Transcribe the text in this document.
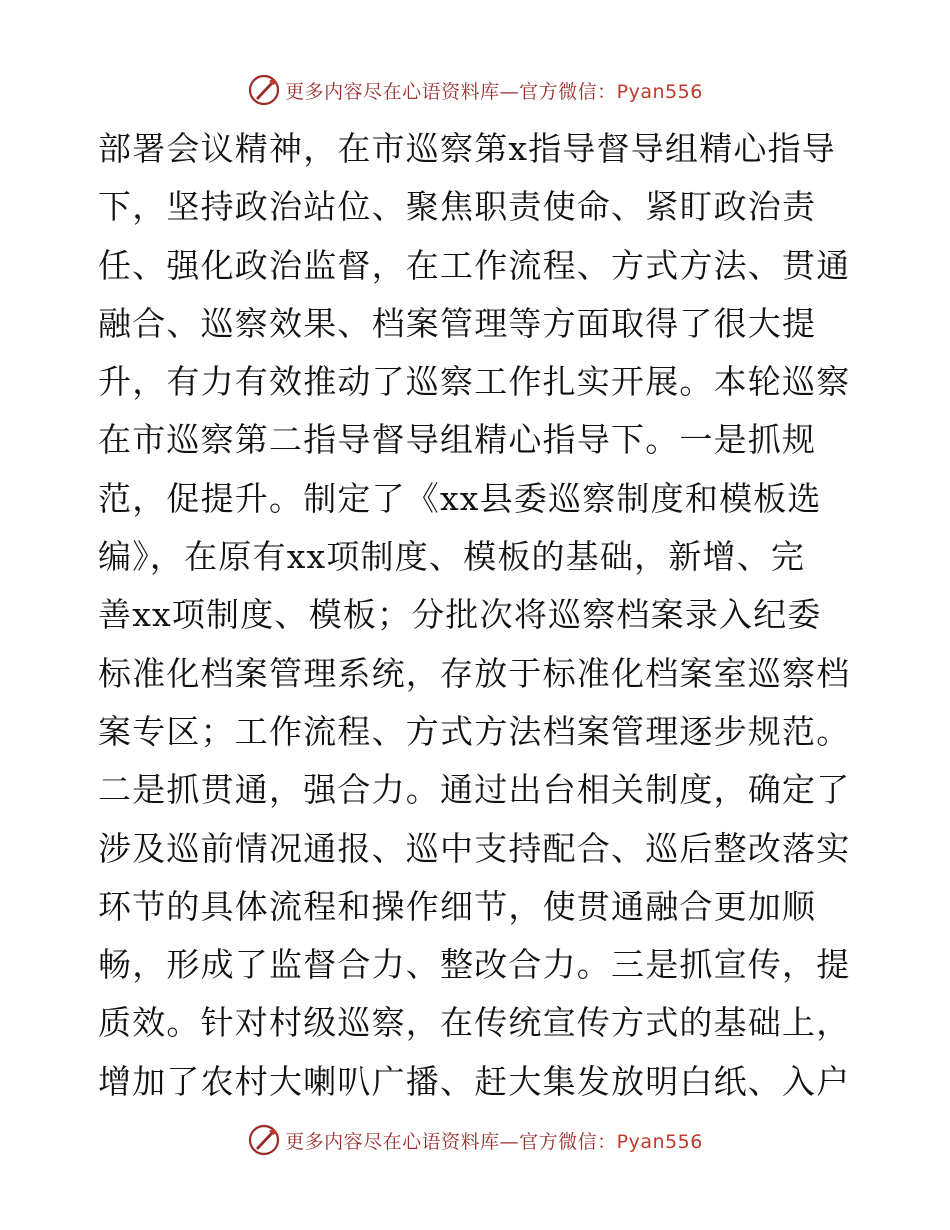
更多内容尽在心语资料库—官方微信：Pyan556
部署会议精神，在市巡察第x指导督导组精心指导
下，坚持政治站位、聚焦职责使命、紧盯政治责
任、强化政治监督，在工作流程、方式方法、贯通
融合、巡察效果、档案管理等方面取得了很大提
升，有力有效推动了巡察工作扎实开展。本轮巡察
在市巡察第二指导督导组精心指导下。一是抓规
范，促提升。制定了《xx县委巡察制度和模板选
编》，在原有xx项制度、模板的基础，新增、完
善xx项制度、模板；分批次将巡察档案录入纪委
标准化档案管理系统，存放于标准化档案室巡察档
案专区；工作流程、方式方法档案管理逐步规范。
二是抓贯通，强合力。通过出台相关制度，确定了
涉及巡前情况通报、巡中支持配合、巡后整改落实
环节的具体流程和操作细节，使贯通融合更加顺
畅，形成了监督合力、整改合力。三是抓宣传，提
质效。针对村级巡察，在传统宣传方式的基础上，
增加了农村大喇叭广播、赶大集发放明白纸、入户
更多内容尽在心语资料库—官方微信：Pyan556
